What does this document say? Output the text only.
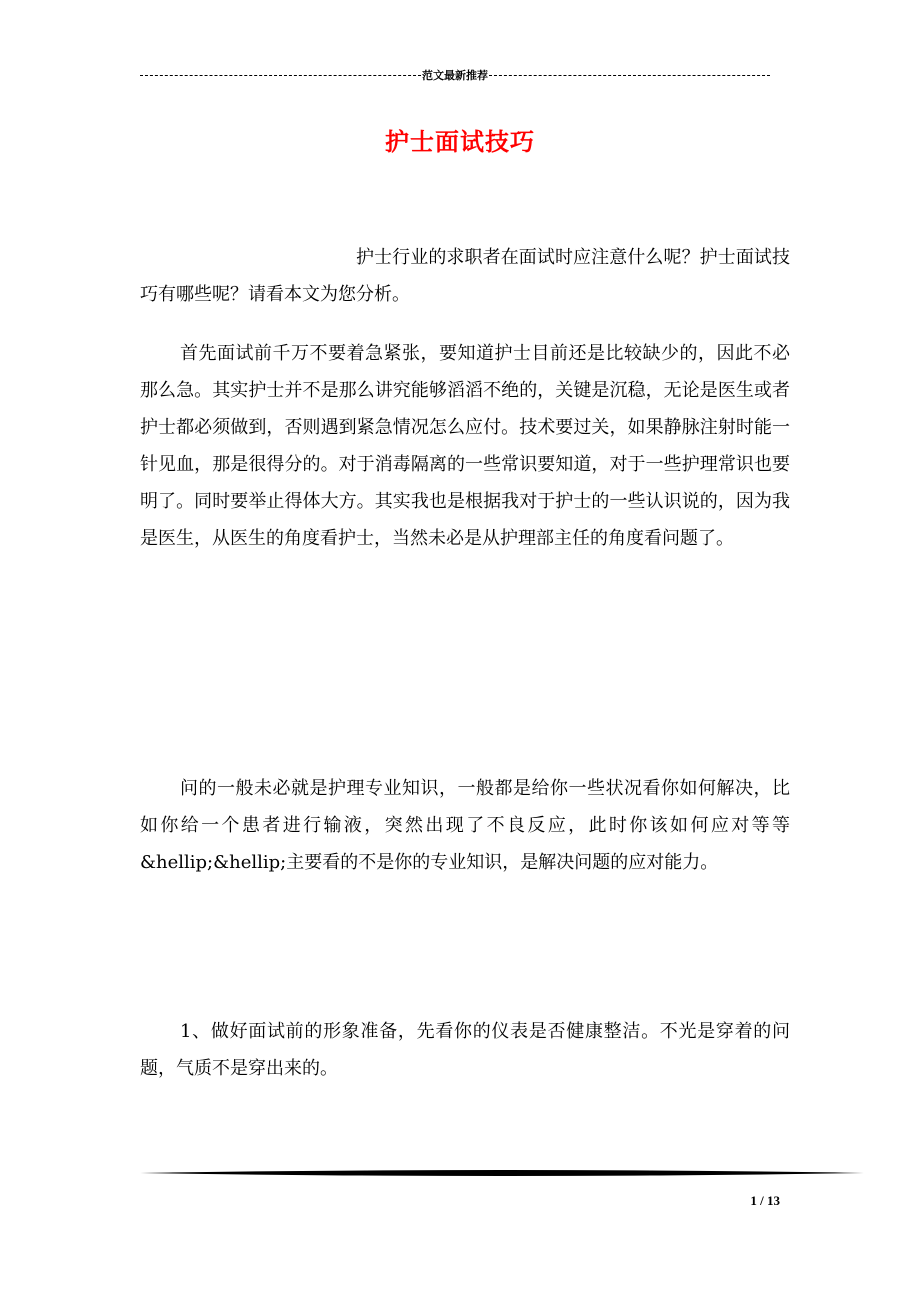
范文最新推荐
护士面试技巧

护士行业的求职者在面试时应注意什么呢？护士面试技巧有哪些呢？请看本文为您分析。

首先面试前千万不要着急紧张，要知道护士目前还是比较缺少的，因此不必那么急。其实护士并不是那么讲究能够滔滔不绝的，关键是沉稳，无论是医生或者护士都必须做到，否则遇到紧急情况怎么应付。技术要过关，如果静脉注射时能一针见血，那是很得分的。对于消毒隔离的一些常识要知道，对于一些护理常识也要明了。同时要举止得体大方。其实我也是根据我对于护士的一些认识说的，因为我是医生，从医生的角度看护士，当然未必是从护理部主任的角度看问题了。

问的一般未必就是护理专业知识，一般都是给你一些状况看你如何解决，比如你给一个患者进行输液，突然出现了不良反应，此时你该如何应对等等&hellip;&hellip;主要看的不是你的专业知识，是解决问题的应对能力。

1、做好面试前的形象准备，先看你的仪表是否健康整洁。不光是穿着的问题，气质不是穿出来的。

1 / 13
